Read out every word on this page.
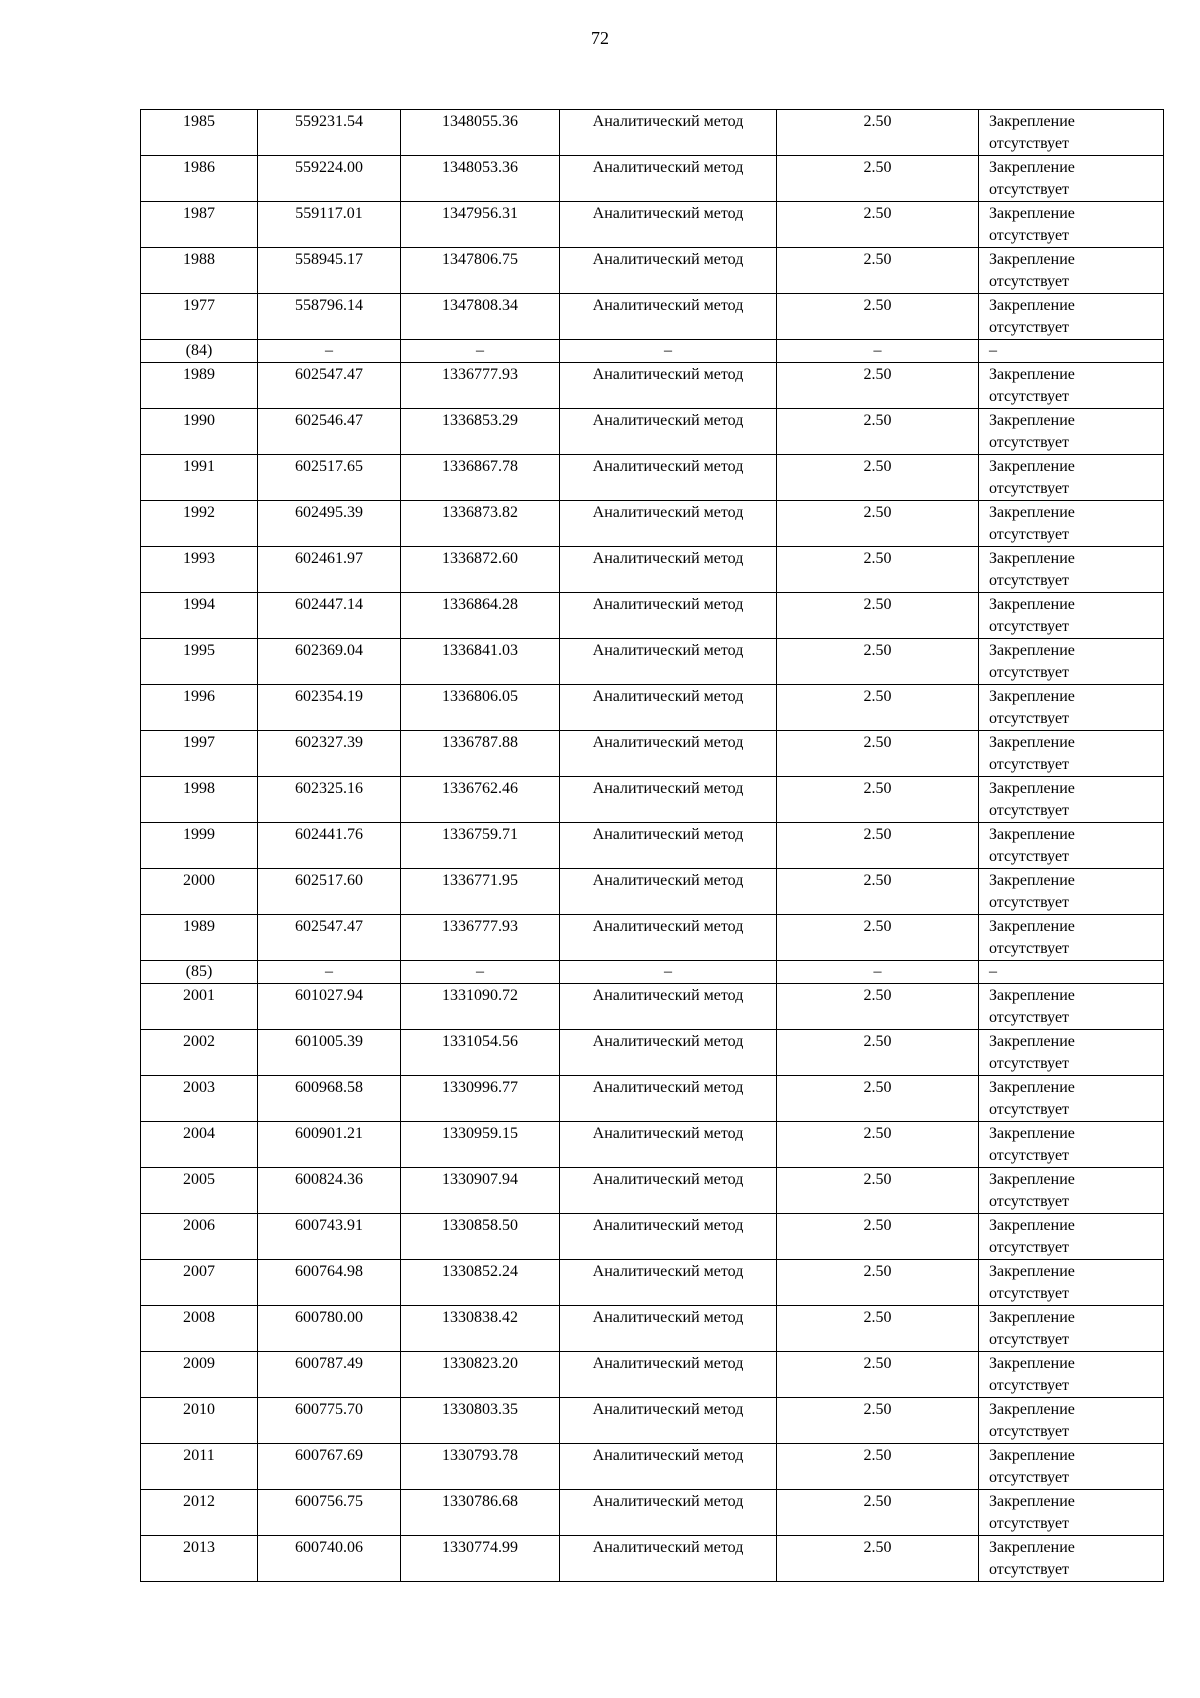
72
1985	559231.54	1348055.36	Аналитический метод	2.50	Закрепление отсутствует
1986	559224.00	1348053.36	Аналитический метод	2.50	Закрепление отсутствует
1987	559117.01	1347956.31	Аналитический метод	2.50	Закрепление отсутствует
1988	558945.17	1347806.75	Аналитический метод	2.50	Закрепление отсутствует
1977	558796.14	1347808.34	Аналитический метод	2.50	Закрепление отсутствует
(84)	–	–	–	–	–
1989	602547.47	1336777.93	Аналитический метод	2.50	Закрепление отсутствует
1990	602546.47	1336853.29	Аналитический метод	2.50	Закрепление отсутствует
1991	602517.65	1336867.78	Аналитический метод	2.50	Закрепление отсутствует
1992	602495.39	1336873.82	Аналитический метод	2.50	Закрепление отсутствует
1993	602461.97	1336872.60	Аналитический метод	2.50	Закрепление отсутствует
1994	602447.14	1336864.28	Аналитический метод	2.50	Закрепление отсутствует
1995	602369.04	1336841.03	Аналитический метод	2.50	Закрепление отсутствует
1996	602354.19	1336806.05	Аналитический метод	2.50	Закрепление отсутствует
1997	602327.39	1336787.88	Аналитический метод	2.50	Закрепление отсутствует
1998	602325.16	1336762.46	Аналитический метод	2.50	Закрепление отсутствует
1999	602441.76	1336759.71	Аналитический метод	2.50	Закрепление отсутствует
2000	602517.60	1336771.95	Аналитический метод	2.50	Закрепление отсутствует
1989	602547.47	1336777.93	Аналитический метод	2.50	Закрепление отсутствует
(85)	–	–	–	–	–
2001	601027.94	1331090.72	Аналитический метод	2.50	Закрепление отсутствует
2002	601005.39	1331054.56	Аналитический метод	2.50	Закрепление отсутствует
2003	600968.58	1330996.77	Аналитический метод	2.50	Закрепление отсутствует
2004	600901.21	1330959.15	Аналитический метод	2.50	Закрепление отсутствует
2005	600824.36	1330907.94	Аналитический метод	2.50	Закрепление отсутствует
2006	600743.91	1330858.50	Аналитический метод	2.50	Закрепление отсутствует
2007	600764.98	1330852.24	Аналитический метод	2.50	Закрепление отсутствует
2008	600780.00	1330838.42	Аналитический метод	2.50	Закрепление отсутствует
2009	600787.49	1330823.20	Аналитический метод	2.50	Закрепление отсутствует
2010	600775.70	1330803.35	Аналитический метод	2.50	Закрепление отсутствует
2011	600767.69	1330793.78	Аналитический метод	2.50	Закрепление отсутствует
2012	600756.75	1330786.68	Аналитический метод	2.50	Закрепление отсутствует
2013	600740.06	1330774.99	Аналитический метод	2.50	Закрепление отсутствует
